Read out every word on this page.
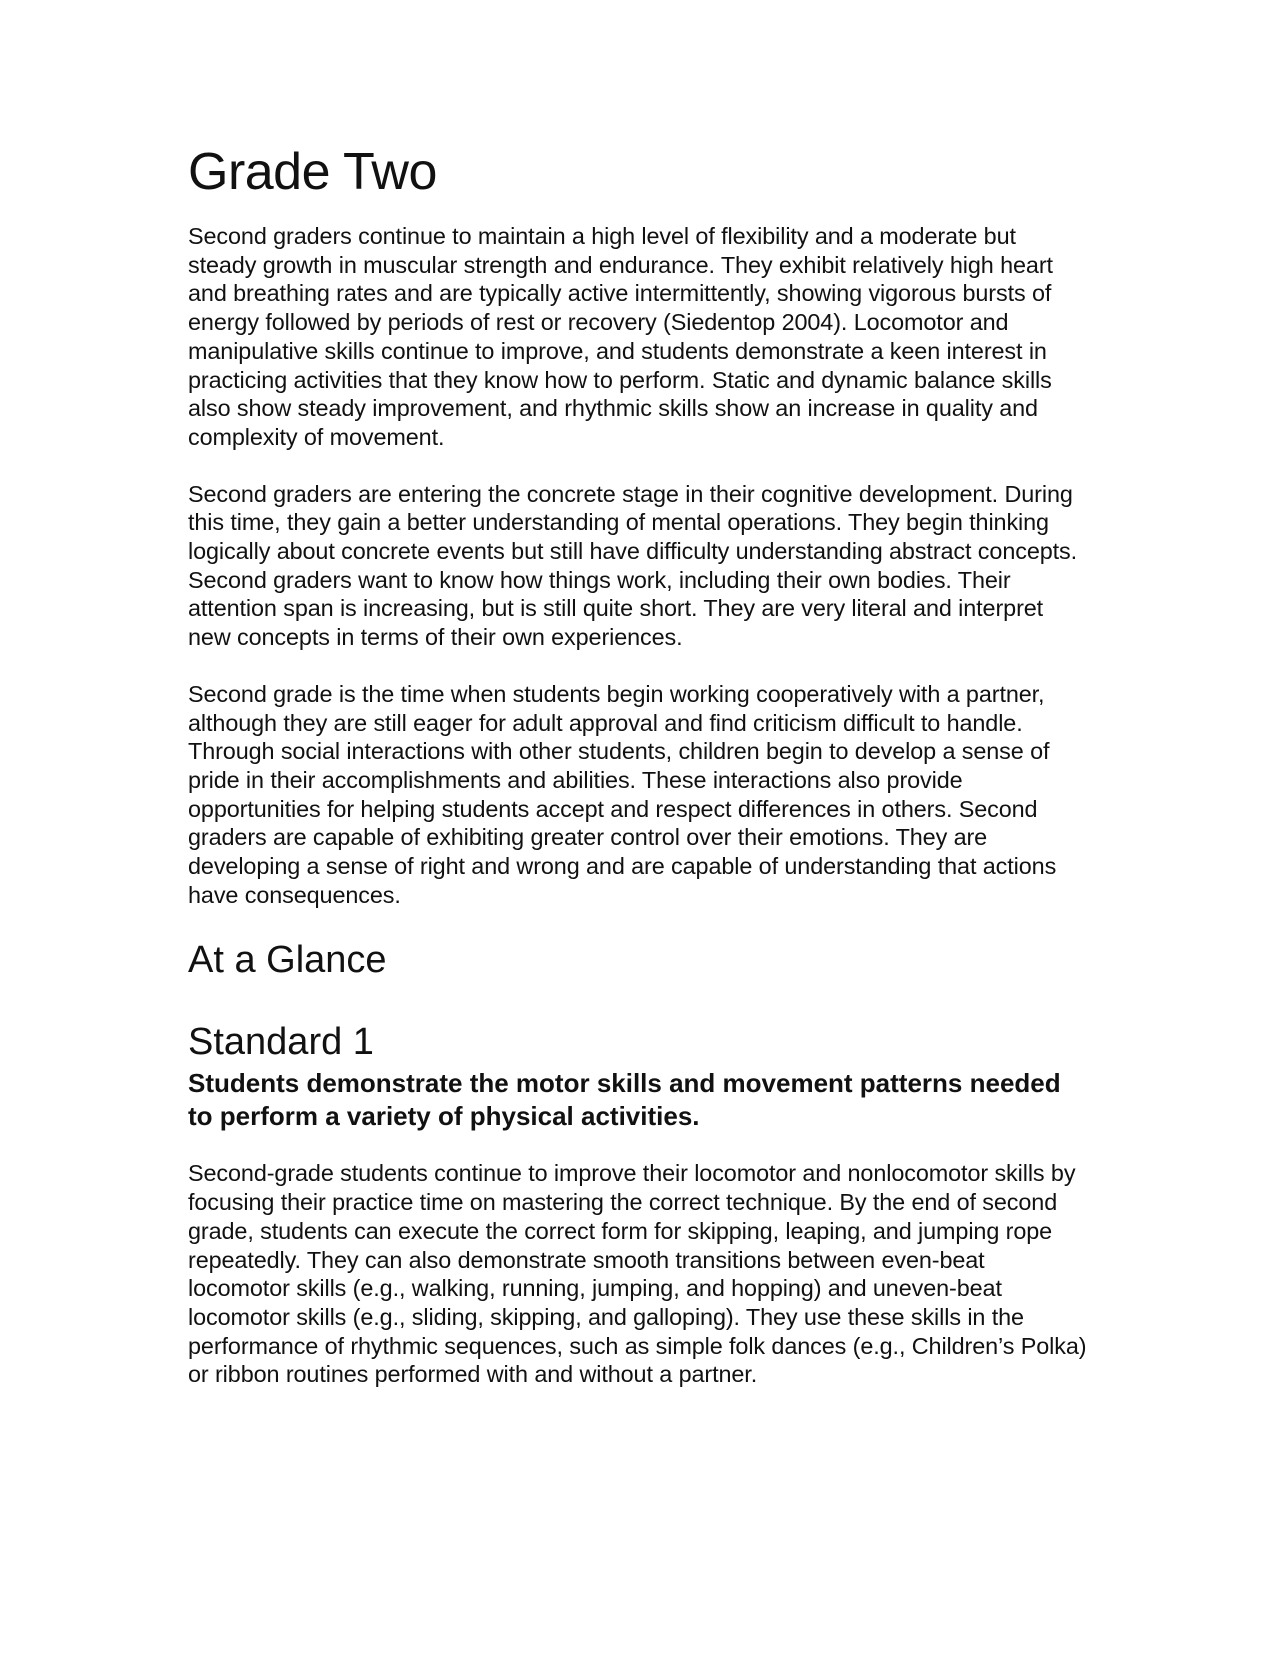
Grade Two

Second graders continue to maintain a high level of flexibility and a moderate but steady growth in muscular strength and endurance. They exhibit relatively high heart and breathing rates and are typically active intermittently, showing vigorous bursts of energy followed by periods of rest or recovery (Siedentop 2004). Locomotor and manipulative skills continue to improve, and students demonstrate a keen interest in practicing activities that they know how to perform. Static and dynamic balance skills also show steady improvement, and rhythmic skills show an increase in quality and complexity of movement.

Second graders are entering the concrete stage in their cognitive development. During this time, they gain a better understanding of mental operations. They begin thinking logically about concrete events but still have difficulty understanding abstract concepts. Second graders want to know how things work, including their own bodies. Their attention span is increasing, but is still quite short. They are very literal and interpret new concepts in terms of their own experiences.

Second grade is the time when students begin working cooperatively with a partner, although they are still eager for adult approval and find criticism difficult to handle. Through social interactions with other students, children begin to develop a sense of pride in their accomplishments and abilities. These interactions also provide opportunities for helping students accept and respect differences in others. Second graders are capable of exhibiting greater control over their emotions. They are developing a sense of right and wrong and are capable of understanding that actions have consequences.

At a Glance
Standard 1
Students demonstrate the motor skills and movement patterns needed to perform a variety of physical activities.

Second-grade students continue to improve their locomotor and nonlocomotor skills by focusing their practice time on mastering the correct technique. By the end of second grade, students can execute the correct form for skipping, leaping, and jumping rope repeatedly. They can also demonstrate smooth transitions between even-beat locomotor skills (e.g., walking, running, jumping, and hopping) and uneven-beat locomotor skills (e.g., sliding, skipping, and galloping). They use these skills in the performance of rhythmic sequences, such as simple folk dances (e.g., Children’s Polka) or ribbon routines performed with and without a partner.
